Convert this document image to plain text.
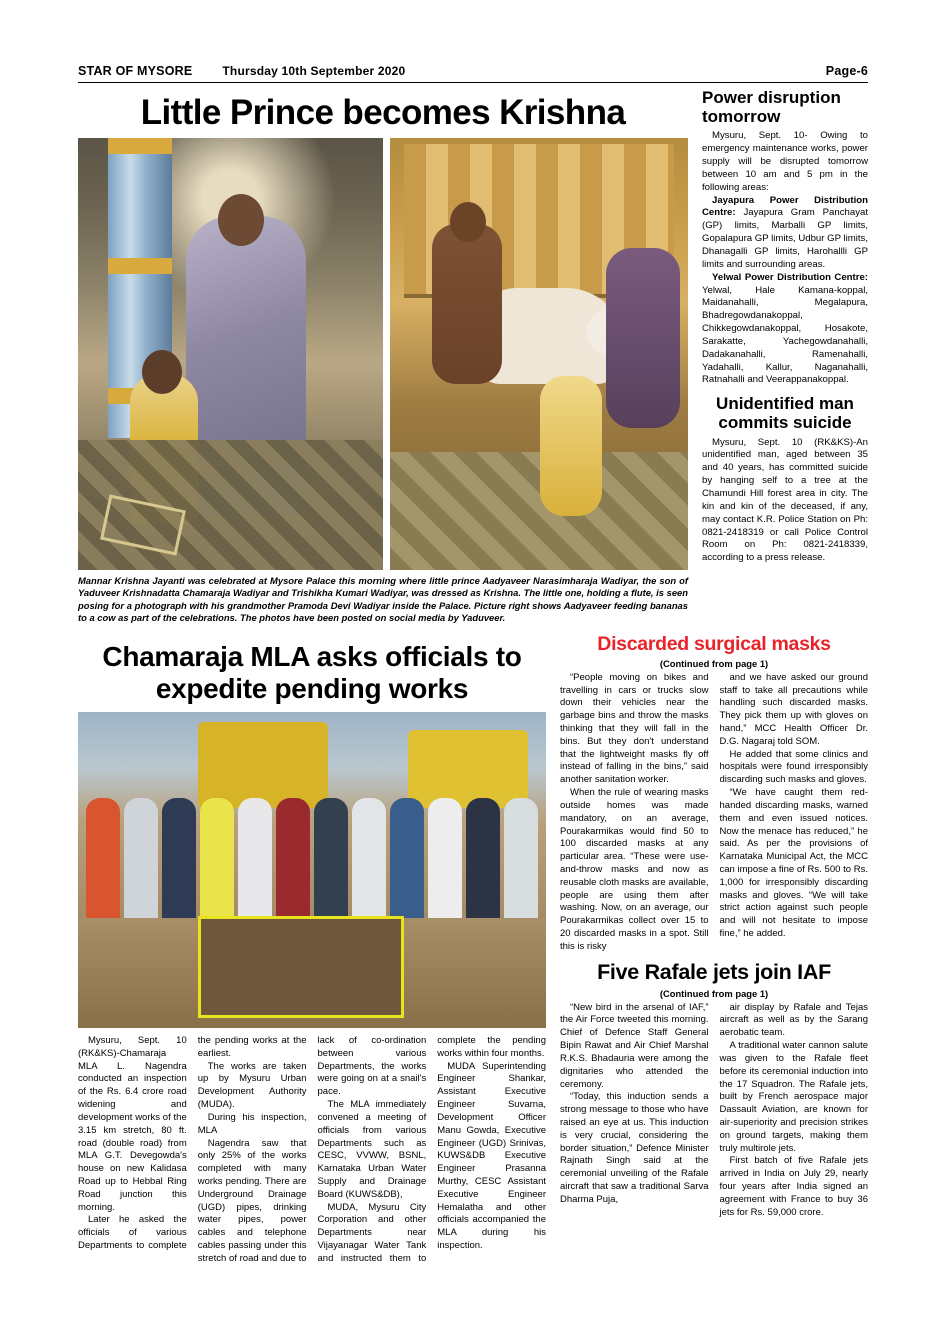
STAR OF MYSORE	Thursday 10th September 2020	Page-6
Little Prince becomes Krishna
Mannar Krishna Jayanti was celebrated at Mysore Palace this morning where little prince Aadyaveer Narasimharaja Wadiyar, the son of Yaduveer Krishnadatta Chamaraja Wadiyar and Trishikha Kumari Wadiyar, was dressed as Krishna. The little one, holding a flute, is seen posing for a photograph with his grandmother Pramoda Devi Wadiyar inside the Palace. Picture right shows Aadyaveer feeding bananas to a cow as part of the celebrations. The photos have been posted on social media by Yaduveer.
Power disruption tomorrow

Mysuru, Sept. 10- Owing to emergency maintenance works, power supply will be disrupted tomorrow between 10 am and 5 pm in the following areas:

Jayapura Power Distribution Centre: Jayapura Gram Panchayat (GP) limits, Marballi GP limits, Gopalapura GP limits, Udbur GP limits, Dhanagalli GP limits, Harohallli GP limits and surrounding areas.

Yelwal Power Distribution Centre: Yelwal, Hale Kamana-koppal, Maidanahalli, Megalapura, Bhadregowdanakoppal, Chikkegowdanakoppal, Hosakote, Sarakatte, Yachegowdanahalli, Dadakanahalli, Ramenahalli, Yadahalli, Kallur, Naganahalli, Ratnahalli and Veerappanakoppal.

Unidentified man commits suicide

Mysuru, Sept. 10 (RK&KS)-An unidentified man, aged between 35 and 40 years, has committed suicide by hanging self to a tree at the Chamundi Hill forest area in city. The kin and kin of the deceased, if any, may contact K.R. Police Station on Ph: 0821-2418319 or call Police Control Room on Ph: 0821-2418339, according to a press release.

Chamaraja MLA asks officials to expedite pending works

Mysuru, Sept. 10 (RK&KS)-Chamaraja MLA L. Nagendra conducted an inspection of the Rs. 6.4 crore road widening and development works of the 3.15 km stretch, 80 ft. road (double road) from MLA G.T. Devegowda's house on new Kalidasa Road up to Hebbal Ring Road junction this morning.

Later he asked the officials of various Departments to complete the pending works at the earliest.

The works are taken up by Mysuru Urban Development Authority (MUDA).

During his inspection, MLA

Nagendra saw that only 25% of the works completed with many works pending. There are Underground Drainage (UGD) pipes, drinking water pipes, power cables and telephone cables passing under this stretch of road and due to lack of co-ordination between various Departments, the works were going on at a snail's pace.

The MLA immediately convened a meeting of officials from various Departments such as CESC, VVWW, BSNL, Karnataka Urban Water Supply and Drainage Board (KUWS&DB),

MUDA, Mysuru City Corporation and other Departments near Vijayanagar Water Tank and instructed them to complete the pending works within four months.

MUDA Superintending Engineer Shankar, Assistant Executive Engineer Suvarna, Development Officer Manu Gowda, Executive Engineer (UGD) Srinivas, KUWS&DB Executive Engineer Prasanna Murthy, CESC Assistant Executive Engineer Hemalatha and other officials accompanied the MLA during his inspection.

Discarded surgical masks
(Continued from page 1)

“People moving on bikes and travelling in cars or trucks slow down their vehicles near the garbage bins and throw the masks thinking that they will fall in the bins. But they don't understand that the lightweight masks fly off instead of falling in the bins,” said another sanitation worker.

When the rule of wearing masks outside homes was made mandatory, on an average, Pourakarmikas would find 50 to 100 discarded masks at any particular area. “These were use-and-throw masks and now as reusable cloth masks are available, people are using them after washing. Now, on an average, our Pourakarmikas collect over 15 to 20 discarded masks in a spot. Still this is risky

and we have asked our ground staff to take all precautions while handling such discarded masks. They pick them up with gloves on hand,” MCC Health Officer Dr. D.G. Nagaraj told SOM.

He added that some clinics and hospitals were found irresponsibly discarding such masks and gloves.

“We have caught them red-handed discarding masks, warned them and even issued notices. Now the menace has reduced,” he said. As per the provisions of Karnataka Municipal Act, the MCC can impose a fine of Rs. 500 to Rs. 1,000 for irresponsibly discarding masks and gloves. “We will take strict action against such people and will not hesitate to impose fine,” he added.

Five Rafale jets join IAF
(Continued from page 1)

“New bird in the arsenal of IAF,” the Air Force tweeted this morning. Chief of Defence Staff General Bipin Rawat and Air Chief Marshal R.K.S. Bhadauria were among the dignitaries who attended the ceremony.

“Today, this induction sends a strong message to those who have raised an eye at us. This induction is very crucial, considering the border situation,” Defence Minister Rajnath Singh said at the ceremonial unveiling of the Rafale aircraft that saw a traditional Sarva Dharma Puja,

air display by Rafale and Tejas aircraft as well as by the Sarang aerobatic team.

A traditional water cannon salute was given to the Rafale fleet before its ceremonial induction into the 17 Squadron. The Rafale jets, built by French aerospace major Dassault Aviation, are known for air-superiority and precision strikes on ground targets, making them truly multirole jets.

First batch of five Rafale jets arrived in India on July 29, nearly four years after India signed an agreement with France to buy 36 jets for Rs. 59,000 crore.
